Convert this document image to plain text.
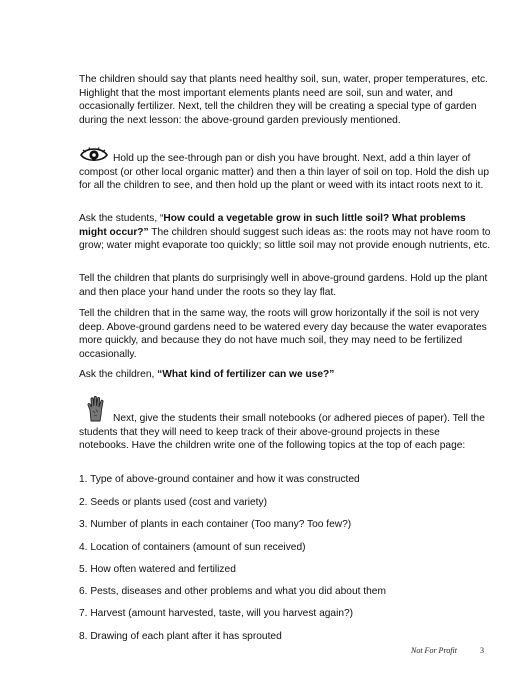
The children should say that plants need healthy soil, sun, water, proper temperatures, etc. Highlight that the most important elements plants need are soil, sun and water, and occasionally fertilizer. Next, tell the children they will be creating a special type of garden during the next lesson: the above-ground garden previously mentioned.

Hold up the see-through pan or dish you have brought. Next, add a thin layer of compost (or other local organic matter) and then a thin layer of soil on top. Hold the dish up for all the children to see, and then hold up the plant or weed with its intact roots next to it.

Ask the students, “How could a vegetable grow in such little soil? What problems might occur?” The children should suggest such ideas as: the roots may not have room to grow; water might evaporate too quickly; so little soil may not provide enough nutrients, etc.

Tell the children that plants do surprisingly well in above-ground gardens. Hold up the plant and then place your hand under the roots so they lay flat.

Tell the children that in the same way, the roots will grow horizontally if the soil is not very deep. Above-ground gardens need to be watered every day because the water evaporates more quickly, and because they do not have much soil, they may need to be fertilized occasionally.

Ask the children, “What kind of fertilizer can we use?”

Next, give the students their small notebooks (or adhered pieces of paper). Tell the students that they will need to keep track of their above-ground projects in these notebooks. Have the children write one of the following topics at the top of each page:

1. Type of above-ground container and how it was constructed

2. Seeds or plants used (cost and variety)

3. Number of plants in each container (Too many? Too few?)

4. Location of containers (amount of sun received)

5. How often watered and fertilized

6. Pests, diseases and other problems and what you did about them

7. Harvest (amount harvested, taste, will you harvest again?)

8. Drawing of each plant after it has sprouted

Not For Profit	3
